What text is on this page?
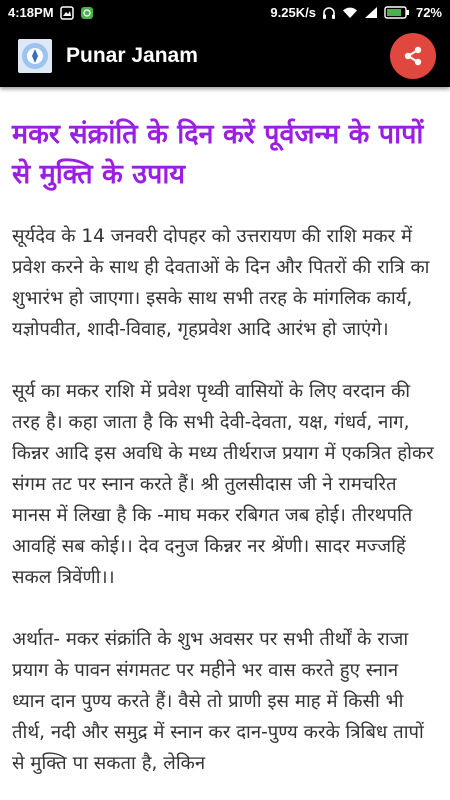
4:18PM	9.25K/s	72%
Punar Janam
मकर संक्रांति के दिन करें पूर्वजन्म के पापों से मुक्ति के उपाय

सूर्यदेव के 14 जनवरी दोपहर को उत्तरायण की राशि मकर में प्रवेश करने के साथ ही देवताओं के दिन और पितरों की रात्रि का शुभारंभ हो जाएगा। इसके साथ सभी तरह के मांगलिक कार्य, यज्ञोपवीत, शादी-विवाह, गृहप्रवेश आदि आरंभ हो जाएंगे।

सूर्य का मकर राशि में प्रवेश पृथ्वी वासियों के लिए वरदान की तरह है। कहा जाता है कि सभी देवी-देवता, यक्ष, गंधर्व, नाग, किन्नर आदि इस अवधि के मध्य तीर्थराज प्रयाग में एकत्रित होकर संगम तट पर स्नान करते हैं। श्री तुलसीदास जी ने रामचरित मानस में लिखा है कि -माघ मकर रबिगत जब होई। तीरथपति आवहिं सब कोई।। देव दनुज किन्नर नर श्रेंणी। सादर मज्जहिं सकल त्रिवेंणी।।

अर्थात- मकर संक्रांति के शुभ अवसर पर सभी तीर्थों के राजा प्रयाग के पावन संगमतट पर महीने भर वास करते हुए स्नान ध्यान दान पुण्य करते हैं। वैसे तो प्राणी इस माह में किसी भी तीर्थ, नदी और समुद्र में स्नान कर दान-पुण्य करके त्रिबिध तापों से मुक्ति पा सकता है, लेकिन
